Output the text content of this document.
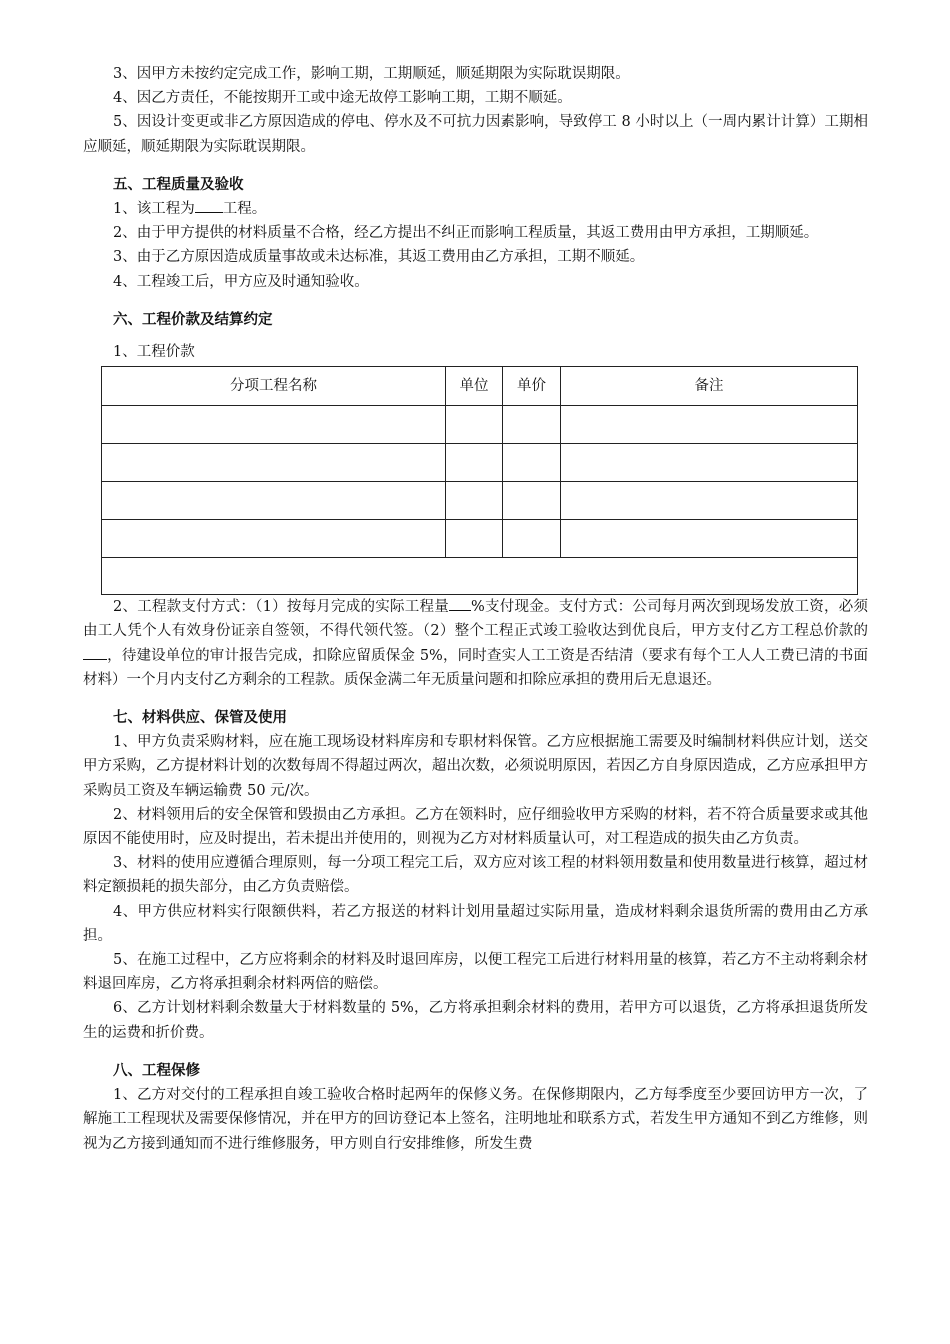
3、因甲方未按约定完成工作，影响工期，工期顺延，顺延期限为实际耽误期限。

4、因乙方责任，不能按期开工或中途无故停工影响工期，工期不顺延。

5、因设计变更或非乙方原因造成的停电、停水及不可抗力因素影响，导致停工 8 小时以上（一周内累计计算）工期相应顺延，顺延期限为实际耽误期限。

五、工程质量及验收

1、该工程为 工程。

2、由于甲方提供的材料质量不合格，经乙方提出不纠正而影响工程质量，其返工费用由甲方承担，工期顺延。

3、由于乙方原因造成质量事故或未达标准，其返工费用由乙方承担，工期不顺延。

4、工程竣工后，甲方应及时通知验收。

六、工程价款及结算约定

1、工程价款

分项工程名称	单位	单价	备注

2、工程款支付方式：（1）按每月完成的实际工程量 %支付现金。支付方式：公司每月两次到现场发放工资，必须由工人凭个人有效身份证亲自签领，不得代领代签。（2）整个工程正式竣工验收达到优良后，甲方支付乙方工程总价款的 ，待建设单位的审计报告完成，扣除应留质保金 5%，同时查实人工工资是否结清（要求有每个工人人工费已清的书面材料）一个月内支付乙方剩余的工程款。质保金满二年无质量问题和扣除应承担的费用后无息退还。

七、材料供应、保管及使用

1、甲方负责采购材料，应在施工现场设材料库房和专职材料保管。乙方应根据施工需要及时编制材料供应计划，送交甲方采购，乙方提材料计划的次数每周不得超过两次，超出次数，必须说明原因，若因乙方自身原因造成，乙方应承担甲方采购员工资及车辆运输费 50 元/次。

2、材料领用后的安全保管和毁损由乙方承担。乙方在领料时，应仔细验收甲方采购的材料，若不符合质量要求或其他原因不能使用时，应及时提出，若未提出并使用的，则视为乙方对材料质量认可，对工程造成的损失由乙方负责。

3、材料的使用应遵循合理原则，每一分项工程完工后，双方应对该工程的材料领用数量和使用数量进行核算，超过材料定额损耗的损失部分，由乙方负责赔偿。

4、甲方供应材料实行限额供料，若乙方报送的材料计划用量超过实际用量，造成材料剩余退货所需的费用由乙方承担。

5、在施工过程中，乙方应将剩余的材料及时退回库房，以便工程完工后进行材料用量的核算，若乙方不主动将剩余材料退回库房，乙方将承担剩余材料两倍的赔偿。

6、乙方计划材料剩余数量大于材料数量的 5%，乙方将承担剩余材料的费用，若甲方可以退货，乙方将承担退货所发生的运费和折价费。

八、工程保修

1、乙方对交付的工程承担自竣工验收合格时起两年的保修义务。在保修期限内，乙方每季度至少要回访甲方一次，了解施工工程现状及需要保修情况，并在甲方的回访登记本上签名，注明地址和联系方式，若发生甲方通知不到乙方维修，则视为乙方接到通知而不进行维修服务，甲方则自行安排维修，所发生费
